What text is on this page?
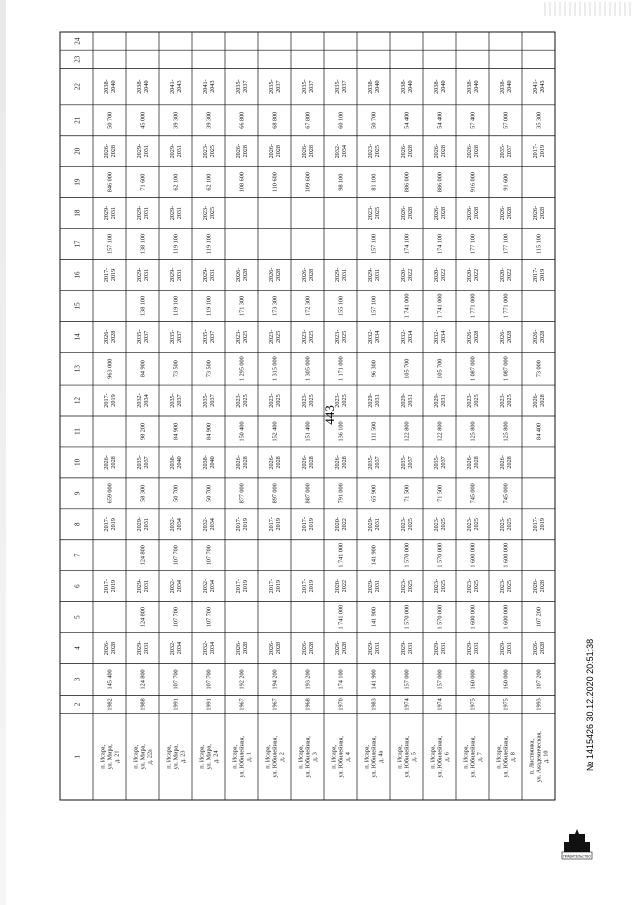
1
2
3
4
5
6
7
8
9
10
11
12
13
14
15
16
17
18
19
20
21
22
23
24
п. Исара,ул. Мира,д. 21
1982
145 400
2026-2028
2017-2019
2017-2019
659 000
2026-2028
2017-2019
963 000
2026-2028
2017-2019
157 100
2029-2031
846 000
2026-2028
50 700
2038-2040
п. Исара,ул. Мира,д. 22а
1988
124 800
2029-2031
124 800
2029-2031
124 800
2029-2031
58 300
2035-2037
98 200
2032-2034
84 900
2035-2037
138 100
2029-2031
138 100
2029-2031
71 600
2029-2031
45 000
2038-2040
п. Исара,ул. Мира,д. 23
1991
107 700
2032-2034
107 700
2032-2034
107 700
2032-2034
50 700
2038-2040
84 900
2035-2037
73 500
2035-2037
119 100
2029-2031
119 100
2029-2031
62 100
2029-2031
39 300
2041-2043
п. Исара,ул. Мира,д. 24
1991
107 700
2032-2034
107 700
2032-2034
107 700
2032-2034
50 700
2038-2040
84 900
2035-2037
73 500
2035-2037
119 100
2029-2031
119 100
2023-2025
62 100
2023-2025
39 300
2041-2043
п. Исара,ул. Юбилейная,д. 1
1967
192 200
2026-2028
2017-2019
2017-2019
877 000
2026-2028
150 400
2023-2025
1 295 000
2023-2025
171 300
2026-2028
108 600
2026-2028
66 800
2035-2037
п. Исара,ул. Юбилейная,д. 2
1967
194 200
2026-2028
2017-2019
2017-2019
897 000
2026-2028
152 400
2023-2025
1 315 000
2023-2025
173 300
2026-2028
110 600
2026-2028
68 800
2035-2037
п. Исара,ул. Юбилейная,д. 3
1968
193 200
2026-2028
2017-2019
2017-2019
887 000
2026-2028
151 400
2023-2025
1 305 000
2023-2025
172 300
2026-2028
109 600
2026-2028
67 800
2035-2037
п. Исара,ул. Юбилейная,д. 4
1970
174 100
2026-2028
1 741 000
2020-2022
1 741 000
2020-2022
791 000
2026-2028
136 100
2023-2025
1 171 000
2023-2025
155 100
2029-2031
98 100
2032-2034
60 100
2035-2037
п. Исара,ул. Юбилейная,д. 4а
1983
141 900
2029-2031
141 900
2029-2031
141 900
2029-2031
65 900
2035-2037
111 500
2029-2031
96 300
2032-2034
157 100
2029-2031
157 100
2023-2025
81 100
2023-2025
50 700
2038-2040
п. Исара,ул. Юбилейная,д. 5
1974
157 000
2029-2031
1 570 000
2023-2025
1 570 000
2023-2025
71 500
2035-2037
122 800
2029-2031
105 700
2032-2034
1 741 000
2020-2022
174 100
2026-2028
886 000
2026-2028
54 400
2038-2040
п. Исара,ул. Юбилейная,д. 6
1974
157 000
2029-2031
1 570 000
2023-2025
1 570 000
2023-2025
71 500
2035-2037
122 800
2029-2031
105 700
2032-2034
1 741 000
2020-2022
174 100
2026-2028
886 000
2026-2028
54 400
2038-2040
п. Исара,ул. Юбилейная,д. 7
1975
160 000
2029-2031
1 600 000
2023-2025
1 600 000
2023-2025
745 000
2026-2028
125 800
2023-2025
1 087 000
2026-2028
1 771 000
2020-2022
177 100
2026-2028
916 000
2026-2028
57 400
2038-2040
п. Исара,ул. Юбилейная,д. 8
1975
160 000
2029-2031
1 600 000
2023-2025
1 600 000
2023-2025
745 000
2026-2028
125 800
2023-2025
1 087 000
2026-2028
1 771 000
2020-2022
177 100
2026-2028
91 600
2035-2037
57 000
2038-2040
п. Листвянка,ул. Академическая,д. 10
1993
107 200
2026-2028
107 200
2026-2028
2017-2019
84 400
2026-2028
73 000
2026-2028
2017-2019
115 100
2026-2028
2017-2019
35 300
2041-2043
443
ПРАВИТЕЛЬСТВО
№ 1415426 30.12.2020 20:51:38
